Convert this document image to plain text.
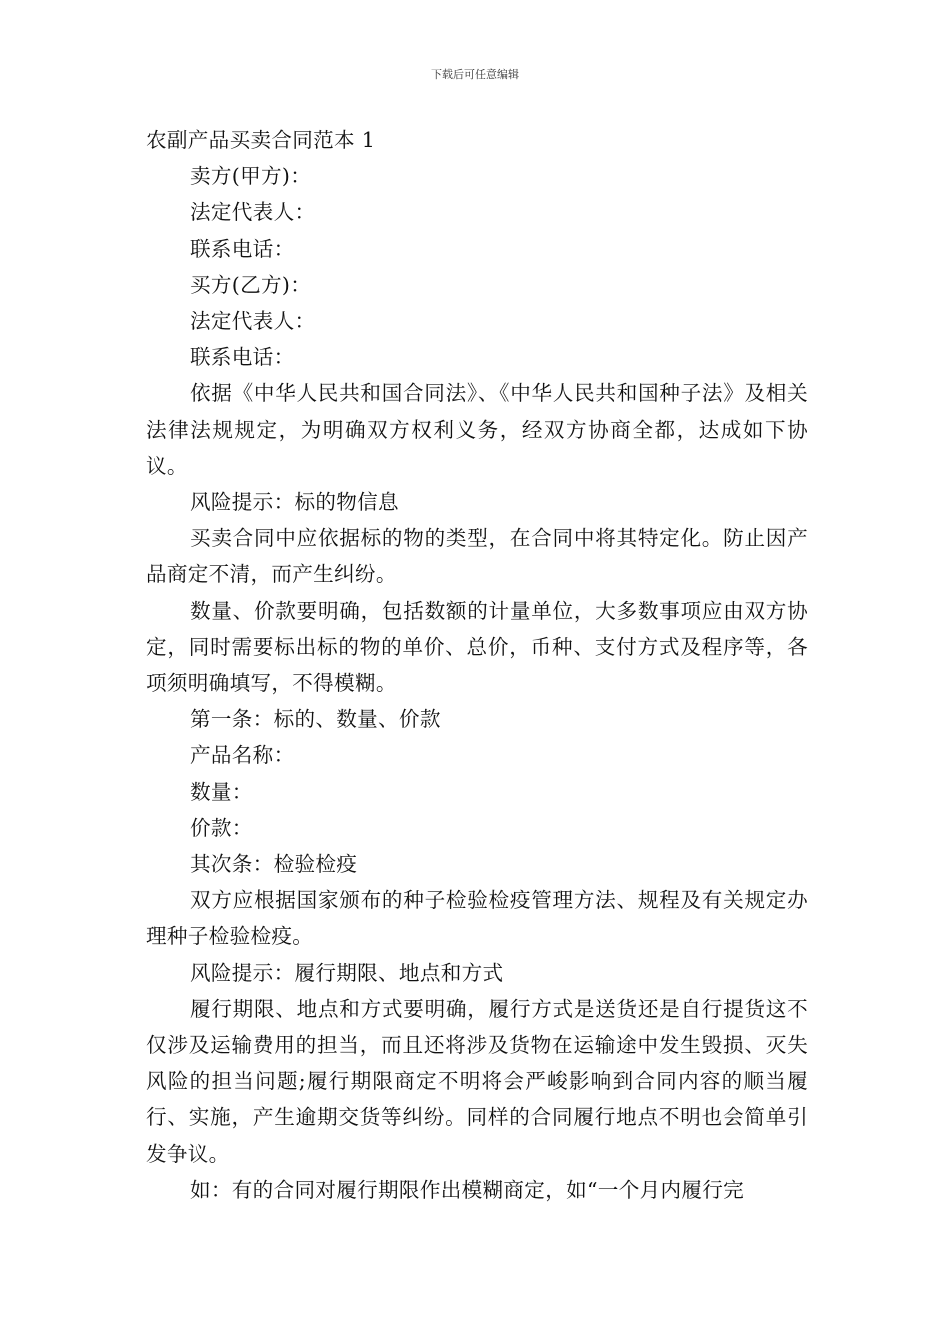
下载后可任意编辑

农副产品买卖合同范本 1

卖方(甲方)：

法定代表人：

联系电话：

买方(乙方)：

法定代表人：

联系电话：

依据《中华人民共和国合同法》、《中华人民共和国种子法》及相关法律法规规定，为明确双方权利义务，经双方协商全都，达成如下协议。

风险提示：标的物信息

买卖合同中应依据标的物的类型，在合同中将其特定化。防止因产品商定不清，而产生纠纷。

数量、价款要明确，包括数额的计量单位，大多数事项应由双方协定，同时需要标出标的物的单价、总价，币种、支付方式及程序等，各项须明确填写，不得模糊。

第一条：标的、数量、价款

产品名称：

数量：

价款：

其次条：检验检疫

双方应根据国家颁布的种子检验检疫管理方法、规程及有关规定办理种子检验检疫。

风险提示：履行期限、地点和方式

履行期限、地点和方式要明确，履行方式是送货还是自行提货这不仅涉及运输费用的担当，而且还将涉及货物在运输途中发生毁损、灭失风险的担当问题;履行期限商定不明将会严峻影响到合同内容的顺当履行、实施，产生逾期交货等纠纷。同样的合同履行地点不明也会简单引发争议。

如：有的合同对履行期限作出模糊商定，如“一个月内履行完
